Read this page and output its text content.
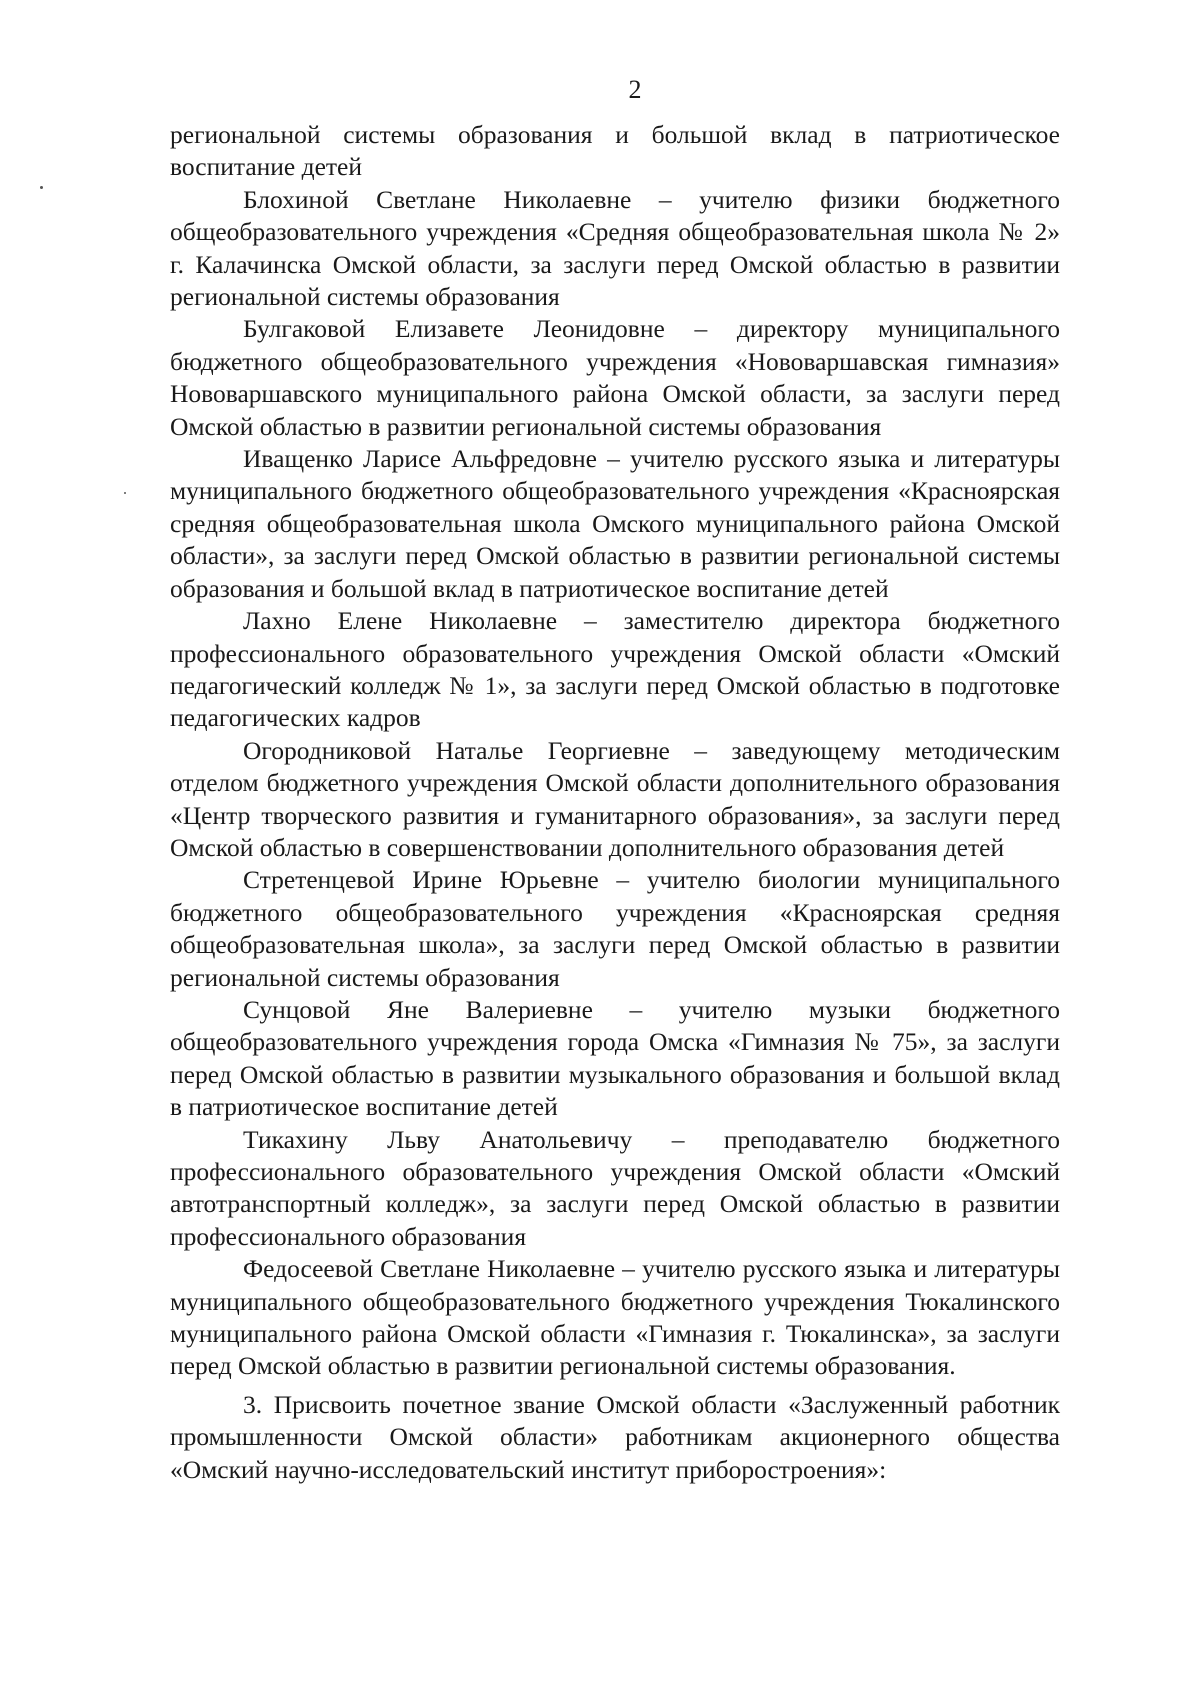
2

региональной системы образования и большой вклад в патриотическое воспитание детей

Блохиной Светлане Николаевне – учителю физики бюджетного общеобразовательного учреждения «Средняя общеобразовательная школа № 2» г. Калачинска Омской области, за заслуги перед Омской областью в развитии региональной системы образования

Булгаковой Елизавете Леонидовне – директору муниципального бюджетного общеобразовательного учреждения «Нововаршавская гимназия» Нововаршавского муниципального района Омской области, за заслуги перед Омской областью в развитии региональной системы образования

Иващенко Ларисе Альфредовне – учителю русского языка и литературы муниципального бюджетного общеобразовательного учреждения «Красноярская средняя общеобразовательная школа Омского муниципального района Омской области», за заслуги перед Омской областью в развитии региональной системы образования и большой вклад в патриотическое воспитание детей

Лахно Елене Николаевне – заместителю директора бюджетного профессионального образовательного учреждения Омской области «Омский педагогический колледж № 1», за заслуги перед Омской областью в подготовке педагогических кадров

Огородниковой Наталье Георгиевне – заведующему методическим отделом бюджетного учреждения Омской области дополнительного образования «Центр творческого развития и гуманитарного образования», за заслуги перед Омской областью в совершенствовании дополнительного образования детей

Стретенцевой Ирине Юрьевне – учителю биологии муниципального бюджетного общеобразовательного учреждения «Красноярская средняя общеобразовательная школа», за заслуги перед Омской областью в развитии региональной системы образования

Сунцовой Яне Валериевне – учителю музыки бюджетного общеобразовательного учреждения города Омска «Гимназия № 75», за заслуги перед Омской областью в развитии музыкального образования и большой вклад в патриотическое воспитание детей

Тикахину Льву Анатольевичу – преподавателю бюджетного профессионального образовательного учреждения Омской области «Омский автотранспортный колледж», за заслуги перед Омской областью в развитии профессионального образования

Федосеевой Светлане Николаевне – учителю русского языка и литературы муниципального общеобразовательного бюджетного учреждения Тюкалинского муниципального района Омской области «Гимназия г. Тюкалинска», за заслуги перед Омской областью в развитии региональной системы образования.

3. Присвоить почетное звание Омской области «Заслуженный работник промышленности Омской области» работникам акционерного общества «Омский научно-исследовательский институт приборостроения»:
